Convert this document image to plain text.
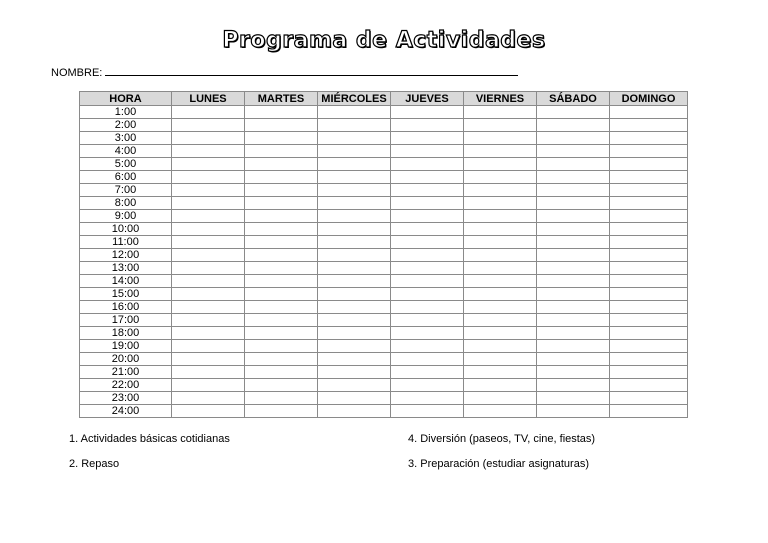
Programa de Actividades
NOMBRE:
HORA	LUNES	MARTES	MIÉRCOLES	JUEVES	VIERNES	SÁBADO	DOMINGO
1:00							
2:00							
3:00							
4:00							
5:00							
6:00							
7:00							
8:00							
9:00							
10:00							
11:00							
12:00							
13:00							
14:00							
15:00							
16:00							
17:00							
18:00							
19:00							
20:00							
21:00							
22:00							
23:00							
24:00							
1. Actividades básicas cotidianas	4. Diversión (paseos, TV, cine, fiestas)
2. Repaso	3. Preparación (estudiar asignaturas)
